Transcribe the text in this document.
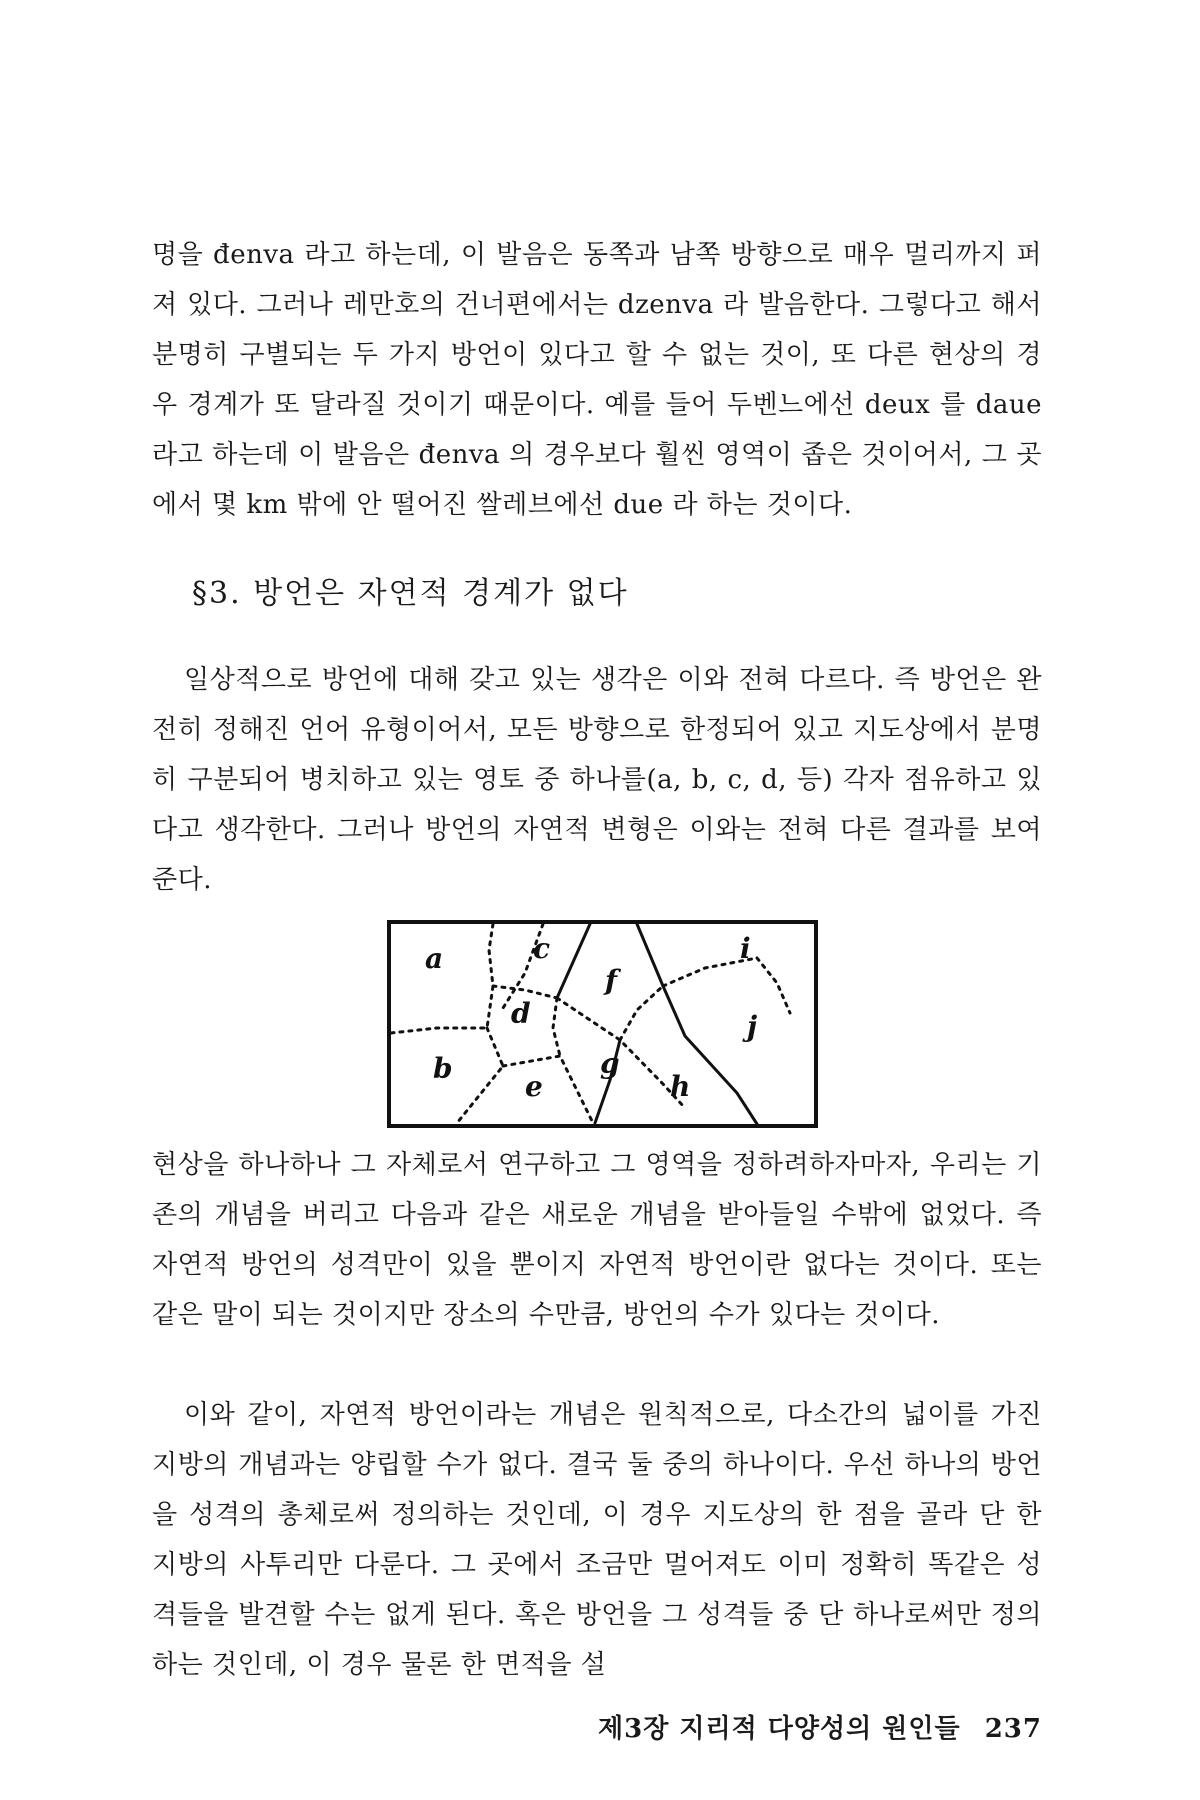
명을 đenva 라고 하는데, 이 발음은 동쪽과 남쪽 방향으로 매우 멀리까지 퍼져 있다. 그러나 레만호의 건너편에서는 dzenva 라 발음한다. 그렇다고 해서 분명히 구별되는 두 가지 방언이 있다고 할 수 없는 것이, 또 다른 현상의 경우 경계가 또 달라질 것이기 때문이다. 예를 들어 두벤느에선 deux 를 daue 라고 하는데 이 발음은 đenva 의 경우보다 훨씬 영역이 좁은 것이어서, 그 곳에서 몇 km 밖에 안 떨어진 쌀레브에선 due 라 하는 것이다.

§3. 방언은 자연적 경계가 없다

일상적으로 방언에 대해 갖고 있는 생각은 이와 전혀 다르다. 즉 방언은 완전히 정해진 언어 유형이어서, 모든 방향으로 한정되어 있고 지도상에서 분명히 구분되어 병치하고 있는 영토 중 하나를(a, b, c, d, 등) 각자 점유하고 있다고 생각한다. 그러나 방언의 자연적 변형은 이와는 전혀 다른 결과를 보여준다.

a
b
c
d
e
f
g
h
i
j

현상을 하나하나 그 자체로서 연구하고 그 영역을 정하려하자마자, 우리는 기존의 개념을 버리고 다음과 같은 새로운 개념을 받아들일 수밖에 없었다. 즉 자연적 방언의 성격만이 있을 뿐이지 자연적 방언이란 없다는 것이다. 또는 같은 말이 되는 것이지만 장소의 수만큼, 방언의 수가 있다는 것이다.

이와 같이, 자연적 방언이라는 개념은 원칙적으로, 다소간의 넓이를 가진 지방의 개념과는 양립할 수가 없다. 결국 둘 중의 하나이다. 우선 하나의 방언을 성격의 총체로써 정의하는 것인데, 이 경우 지도상의 한 점을 골라 단 한 지방의 사투리만 다룬다. 그 곳에서 조금만 멀어져도 이미 정확히 똑같은 성격들을 발견할 수는 없게 된다. 혹은 방언을 그 성격들 중 단 하나로써만 정의하는 것인데, 이 경우 물론 한 면적을 설

제3장 지리적 다양성의 원인들 237
